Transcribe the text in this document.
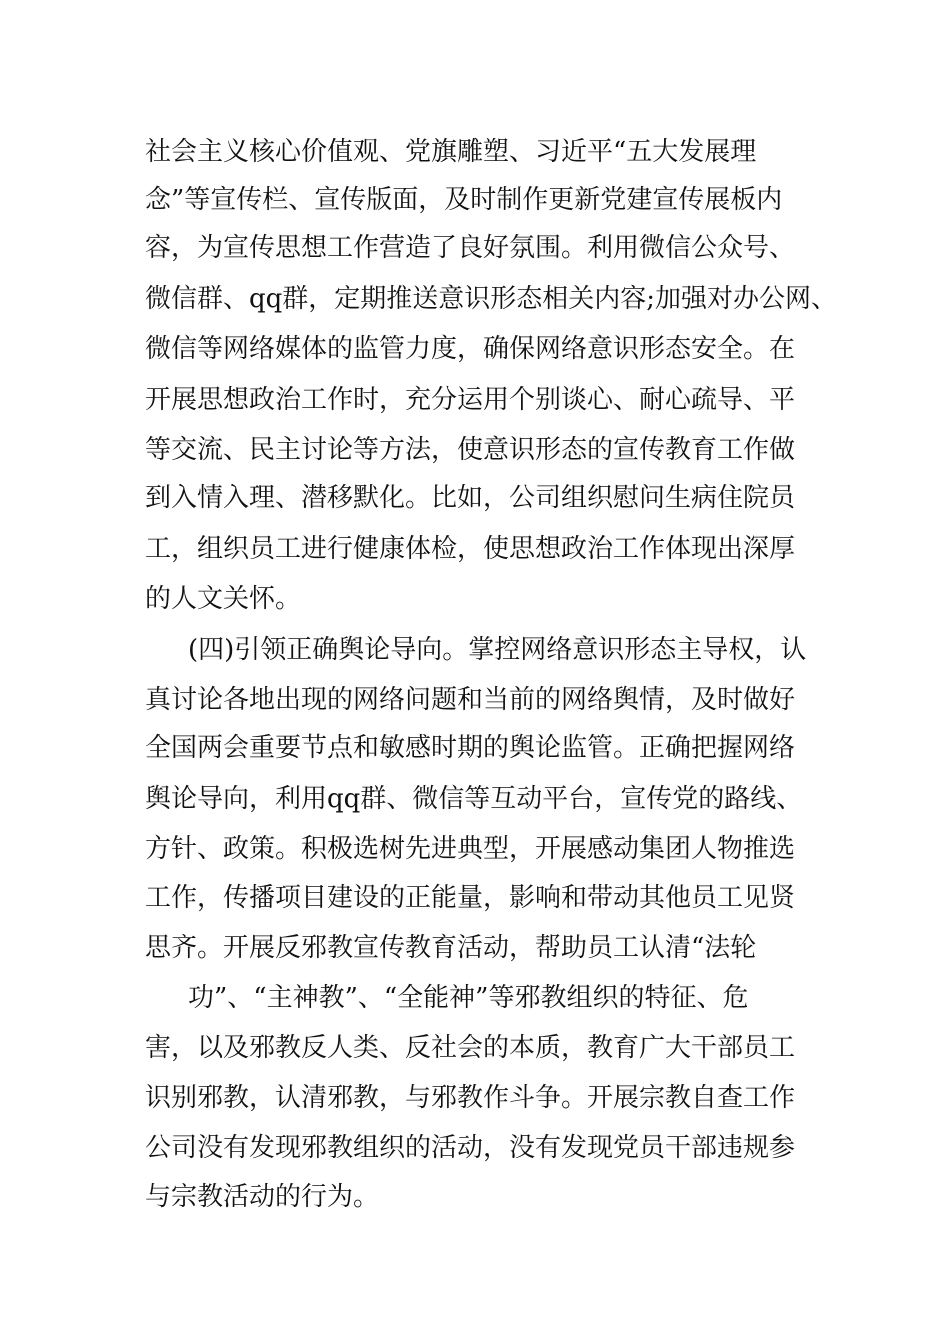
社会主义核心价值观、党旗雕塑、习近平“五大发展理
念”等宣传栏、宣传版面，及时制作更新党建宣传展板内
容，为宣传思想工作营造了良好氛围。利用微信公众号、
微信群、qq群，定期推送意识形态相关内容;加强对办公网、
微信等网络媒体的监管力度，确保网络意识形态安全。在
开展思想政治工作时，充分运用个别谈心、耐心疏导、平
等交流、民主讨论等方法，使意识形态的宣传教育工作做
到入情入理、潜移默化。比如，公司组织慰问生病住院员
工，组织员工进行健康体检，使思想政治工作体现出深厚
的人文关怀。
(四)引领正确舆论导向。掌控网络意识形态主导权，认
真讨论各地出现的网络问题和当前的网络舆情，及时做好
全国两会重要节点和敏感时期的舆论监管。正确把握网络
舆论导向，利用qq群、微信等互动平台，宣传党的路线、
方针、政策。积极选树先进典型，开展感动集团人物推选
工作，传播项目建设的正能量，影响和带动其他员工见贤
思齐。开展反邪教宣传教育活动，帮助员工认清“法轮
功”、“主神教”、“全能神”等邪教组织的特征、危
害，以及邪教反人类、反社会的本质，教育广大干部员工
识别邪教，认清邪教，与邪教作斗争。开展宗教自查工作
公司没有发现邪教组织的活动，没有发现党员干部违规参
与宗教活动的行为。
